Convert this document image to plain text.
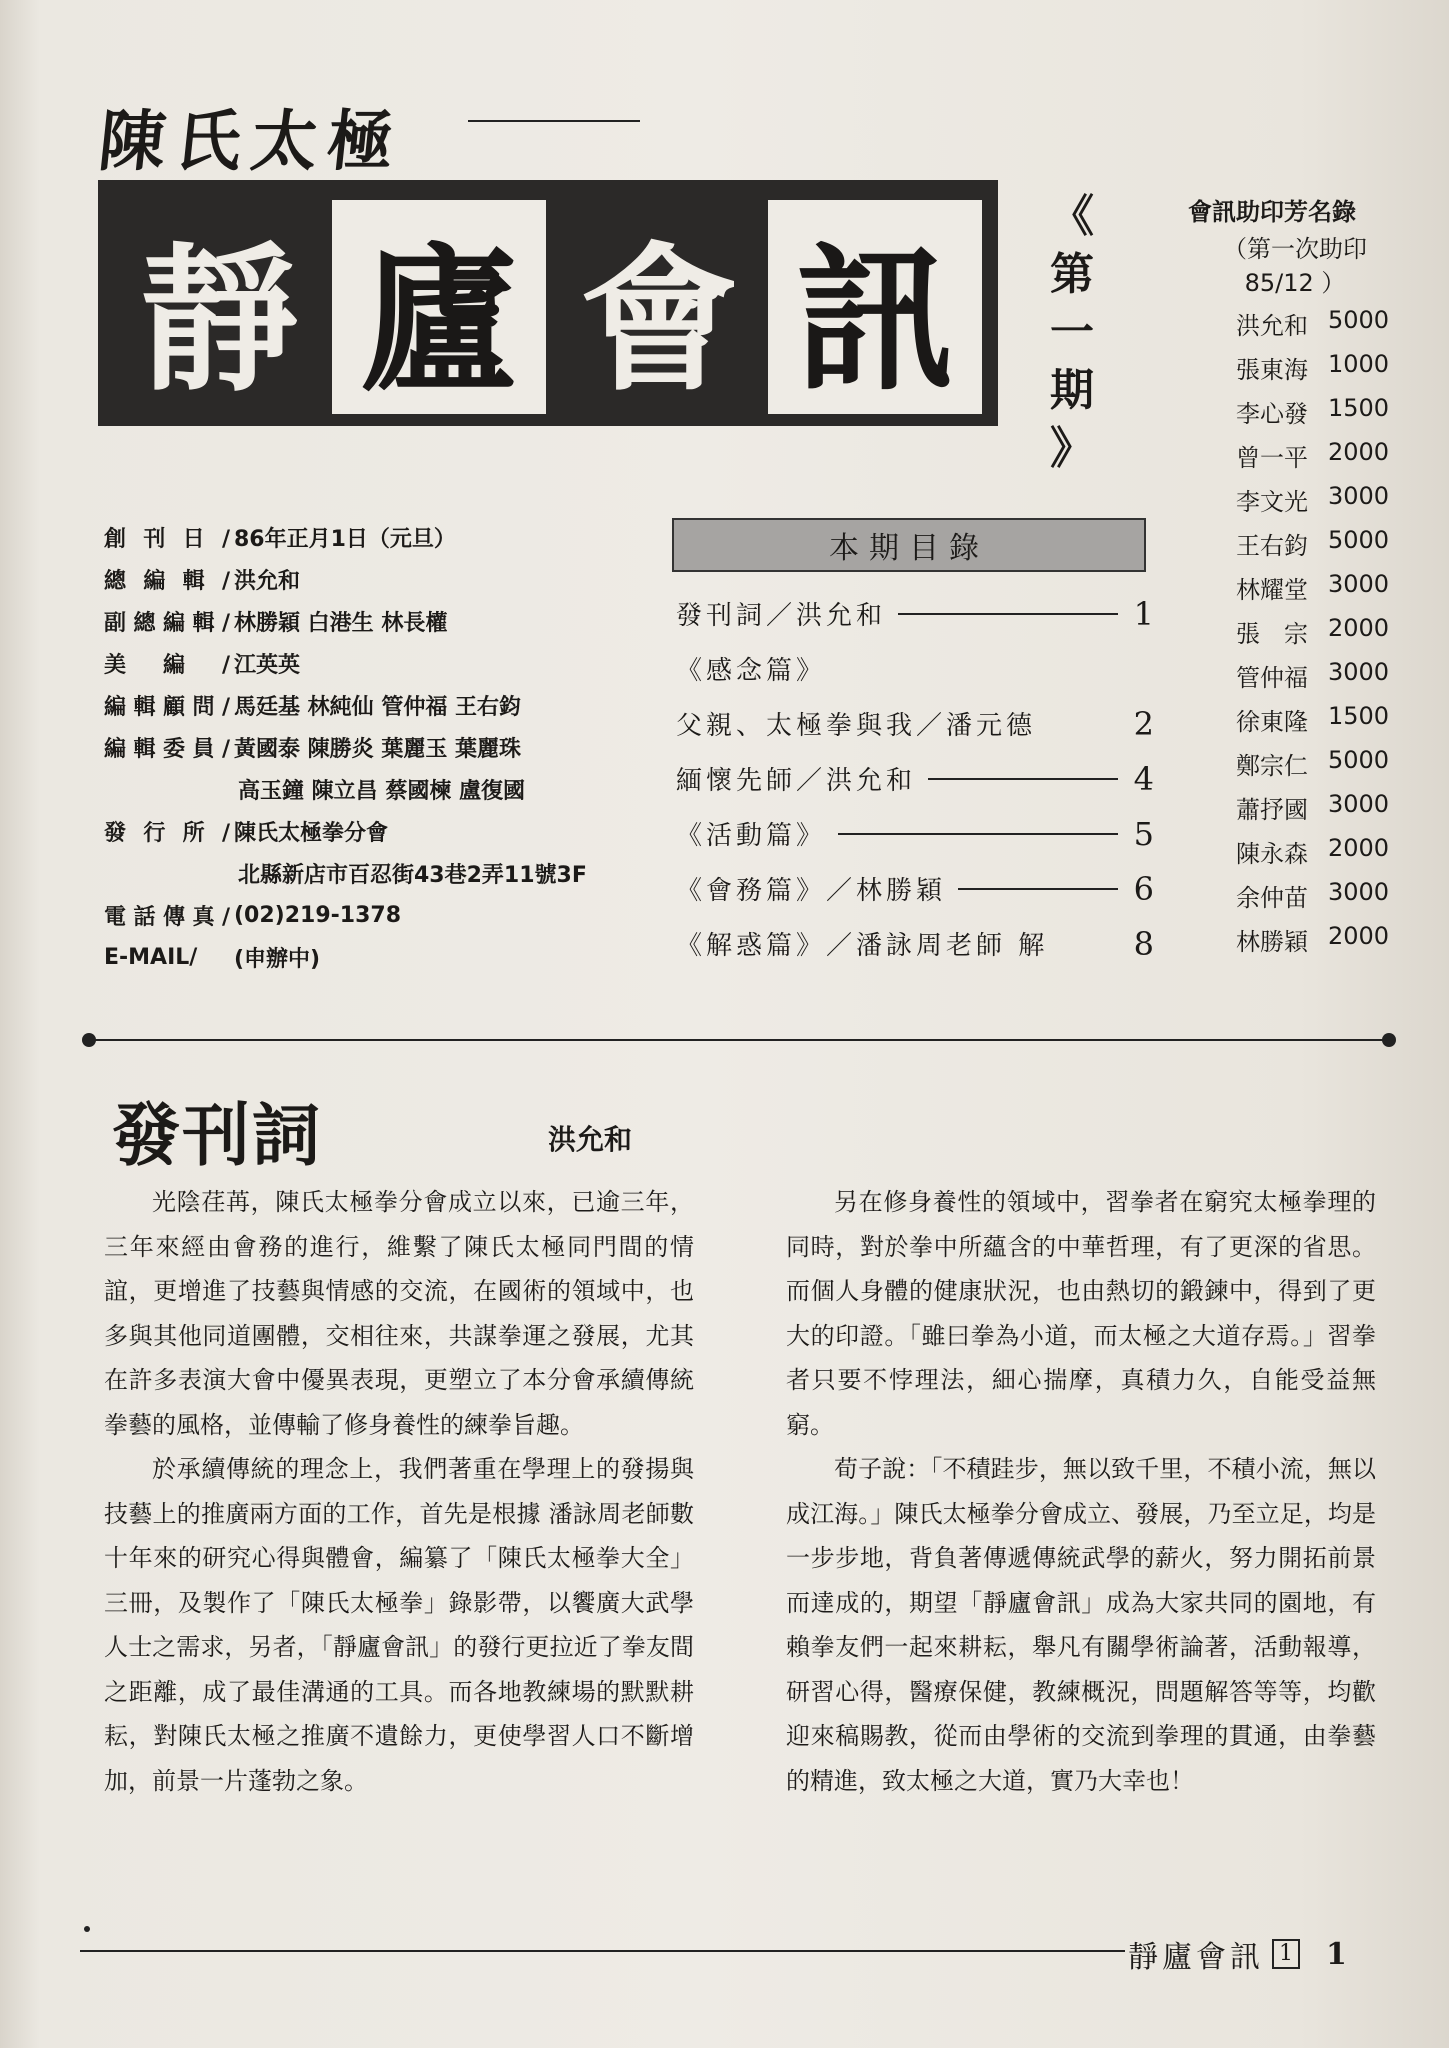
陳氏太極
靜 廬 會 訊
《
第
一
期
》
會訊助印芳名錄
（第一次助印
85/12 ）
洪允和 5000
張東海 1000
李心發 1500
曾一平 2000
李文光 3000
王右鈞 5000
林耀堂 3000
張　宗 2000
管仲福 3000
徐東隆 1500
鄭宗仁 5000
蕭抒國 3000
陳永森 2000
余仲苗 3000
林勝穎 2000
創刊日/ 86年正月1日（元旦）
總編輯/ 洪允和
副總編輯/ 林勝穎 白港生 林長權
美編/ 江英英
編輯顧問/ 馬廷基 林純仙 管仲福 王右鈞
編輯委員/ 黃國泰 陳勝炎 葉麗玉 葉麗珠
高玉鐘 陳立昌 蔡國楝 盧復國
發行所/ 陳氏太極拳分會
北縣新店市百忍街43巷2弄11號3F
電話傳真/ (02)219-1378
E-MAIL/	(申辦中)
本期目錄
發刊詞／洪允和	1
《感念篇》
父親、太極拳與我／潘元德	2
緬懷先師／洪允和	4
《活動篇》	5
《會務篇》／林勝穎	6
《解惑篇》／潘詠周老師 解	8
發刊詞	洪允和

光陰荏苒，陳氏太極拳分會成立以來，已逾三年，三年來經由會務的進行，維繫了陳氏太極同門間的情誼，更增進了技藝與情感的交流，在國術的領域中，也多與其他同道團體，交相往來，共謀拳運之發展，尤其在許多表演大會中優異表現，更塑立了本分會承續傳統拳藝的風格，並傳輸了修身養性的練拳旨趣。

於承續傳統的理念上，我們著重在學理上的發揚與技藝上的推廣兩方面的工作，首先是根據 潘詠周老師數十年來的研究心得與體會，編纂了「陳氏太極拳大全」三冊，及製作了「陳氏太極拳」錄影帶，以饗廣大武學人士之需求，另者，「靜廬會訊」的發行更拉近了拳友間之距離，成了最佳溝通的工具。而各地教練場的默默耕耘，對陳氏太極之推廣不遺餘力，更使學習人口不斷增加，前景一片蓬勃之象。

另在修身養性的領域中，習拳者在窮究太極拳理的同時，對於拳中所蘊含的中華哲理，有了更深的省思。而個人身體的健康狀況，也由熱切的鍛鍊中，得到了更大的印證。「雖曰拳為小道，而太極之大道存焉。」習拳者只要不悖理法，細心揣摩，真積力久，自能受益無窮。

荀子說：「不積跬步，無以致千里，不積小流，無以成江海。」陳氏太極拳分會成立、發展，乃至立足，均是一步步地，背負著傳遞傳統武學的薪火，努力開拓前景而達成的，期望「靜廬會訊」成為大家共同的園地，有賴拳友們一起來耕耘，舉凡有關學術論著，活動報導，研習心得，醫療保健，教練概況，問題解答等等，均歡迎來稿賜教，從而由學術的交流到拳理的貫通，由拳藝的精進，致太極之大道，實乃大幸也！

靜廬會訊 1 1
